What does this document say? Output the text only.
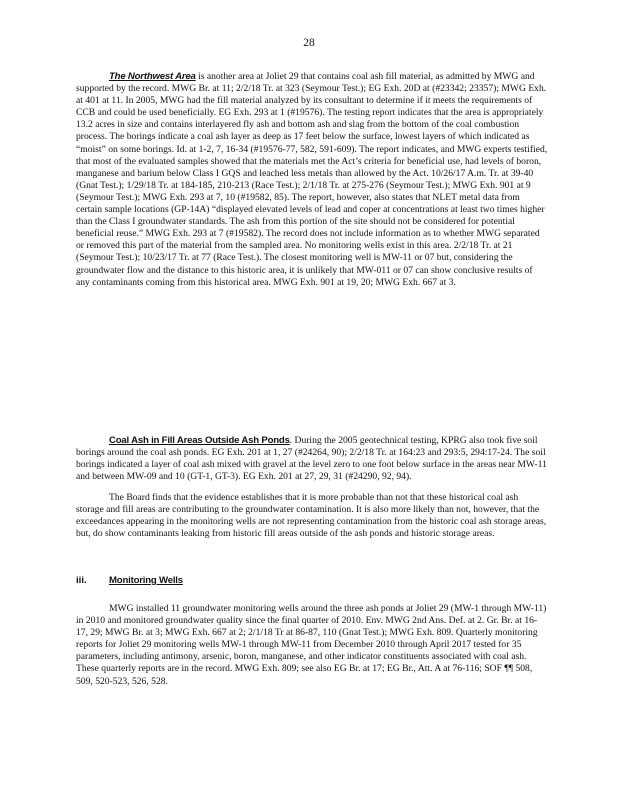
28

The Northwest Area is another area at Joliet 29 that contains coal ash fill material, as admitted by MWG and supported by the record. MWG Br. at 11; 2/2/18 Tr. at 323 (Seymour Test.); EG Exh. 20D at (#23342; 23357); MWG Exh. at 401 at 11. In 2005, MWG had the fill material analyzed by its consultant to determine if it meets the requirements of CCB and could be used beneficially. EG Exh. 293 at 1 (#19576). The testing report indicates that the area is appropriately 13.2 acres in size and contains interlayered fly ash and bottom ash and slag from the bottom of the coal combustion process. The borings indicate a coal ash layer as deep as 17 feet below the surface, lowest layers of which indicated as “moist” on some borings. Id. at 1-2, 7, 16-34 (#19576-77, 582, 591-609). The report indicates, and MWG experts testified, that most of the evaluated samples showed that the materials met the Act’s criteria for beneficial use, had levels of boron, manganese and barium below Class I GQS and leached less metals than allowed by the Act. 10/26/17 A.m. Tr. at 39-40 (Gnat Test.); 1/29/18 Tr. at 184-185, 210-213 (Race Test.); 2/1/18 Tr. at 275-276 (Seymour Test.); MWG Exh. 901 at 9 (Seymour Test.); MWG Exh. 293 at 7, 10 (#19582, 85). The report, however, also states that NLET metal data from certain sample locations (GP-14A) “displayed elevated levels of lead and coper at concentrations at least two times higher than the Class I groundwater standards. The ash from this portion of the site should not be considered for potential beneficial reuse.” MWG Exh. 293 at 7 (#19582). The record does not include information as to whether MWG separated or removed this part of the material from the sampled area. No monitoring wells exist in this area. 2/2/18 Tr. at 21 (Seymour Test.); 10/23/17 Tr. at 77 (Race Test.). The closest monitoring well is MW-11 or 07 but, considering the groundwater flow and the distance to this historic area, it is unlikely that MW-011 or 07 can show conclusive results of any contaminants coming from this historical area. MWG Exh. 901 at 19, 20; MWG Exh. 667 at 3.

Coal Ash in Fill Areas Outside Ash Ponds. During the 2005 geotechnical testing, KPRG also took five soil borings around the coal ash ponds. EG Exh. 201 at 1, 27 (#24264, 90); 2/2/18 Tr. at 164:23 and 293:5, 294:17-24. The soil borings indicated a layer of coal ash mixed with gravel at the level zero to one foot below surface in the areas near MW-11 and between MW-09 and 10 (GT-1, GT-3). EG Exh. 201 at 27, 29, 31 (#24290, 92, 94).

The Board finds that the evidence establishes that it is more probable than not that these historical coal ash storage and fill areas are contributing to the groundwater contamination. It is also more likely than not, however, that the exceedances appearing in the monitoring wells are not representing contamination from the historic coal ash storage areas, but, do show contaminants leaking from historic fill areas outside of the ash ponds and historic storage areas.

iii. Monitoring Wells

MWG installed 11 groundwater monitoring wells around the three ash ponds at Joliet 29 (MW-1 through MW-11) in 2010 and monitored groundwater quality since the final quarter of 2010. Env. MWG 2nd Ans. Def. at 2. Gr. Br. at 16-17, 29; MWG Br. at 3; MWG Exh. 667 at 2; 2/1/18 Tr at 86-87, 110 (Gnat Test.); MWG Exh. 809. Quarterly monitoring reports for Joliet 29 monitoring wells MW-1 through MW-11 from December 2010 through April 2017 tested for 35 parameters, including antimony, arsenic, boron, manganese, and other indicator constituents associated with coal ash. These quarterly reports are in the record. MWG Exh. 809; see also EG Br. at 17; EG Br., Att. A at 76-116; SOF ¶¶ 508, 509, 520-523, 526, 528.
